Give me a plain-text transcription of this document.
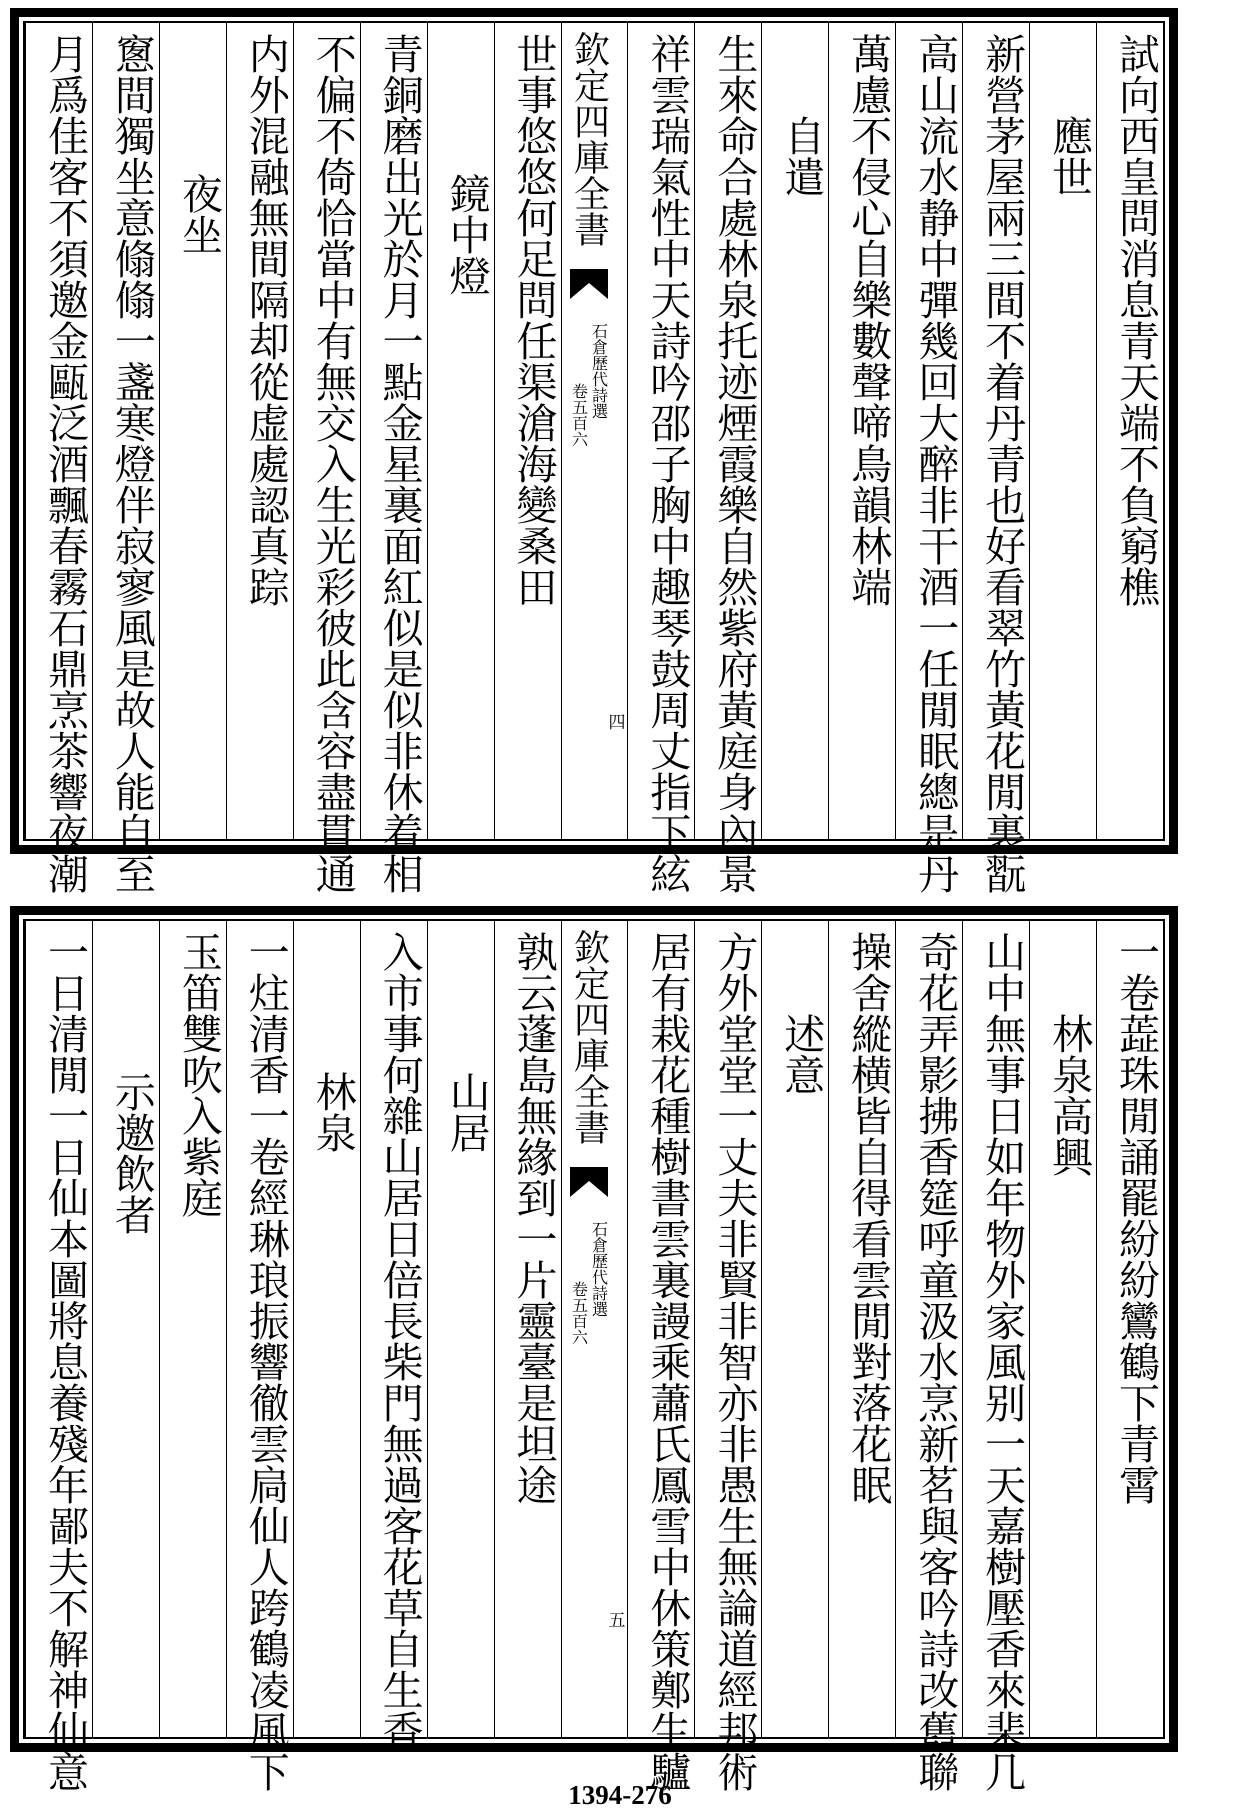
試向西皇問消息青天端不負窮樵
應世
新營茅屋兩三間不着丹青也好看翠竹黃花閒裏翫
高山流水静中彈幾回大醉非干酒一任閒眠總是丹
萬慮不侵心自樂數聲啼鳥韻林端
自遣
生來命合處林泉托迹煙霞樂自然紫府黃庭身內景
祥雲瑞氣性中天詩吟邵子胸中趣琴鼓周丈指下絃
欽定四庫全書
石倉歷代詩選
卷五百六
四
世事悠悠何足問任渠滄海變桑田
鏡中燈
青銅磨出光於月一點金星裏面紅似是似非休着相
不偏不倚恰當中有無交入生光彩彼此含容盡貫通
内外混融無間隔却從虚處認真踪
夜坐
窻間獨坐意翛翛一盞寒燈伴寂寥風是故人能自至
月爲佳客不須邀金甌泛酒飄春霧石鼎烹茶響夜潮
一卷蕋珠閒誦罷紛紛鸞鶴下青霄
林泉高興
山中無事日如年物外家風别一天嘉樹壓香來棐几
奇花弄影拂香筵呼童汲水烹新茗與客吟詩改舊聯
操舍縱横皆自得看雲閒對落花眠
述意
方外堂堂一丈夫非賢非智亦非愚生無論道經邦術
居有栽花種樹書雲裏謾乘蕭氏鳳雪中休策鄭生驢
欽定四庫全書
石倉歷代詩選
卷五百六
五
孰云蓬島無緣到一片靈臺是坦途
山居
入市事何雜山居日倍長柴門無過客花草自生香
林泉
一炷清香一卷經琳琅振響徹雲扃仙人跨鶴凌風下
玉笛雙吹入紫庭
示邀飲者
一日清閒一日仙本圖將息養殘年鄙夫不解神仙意
1394-276
